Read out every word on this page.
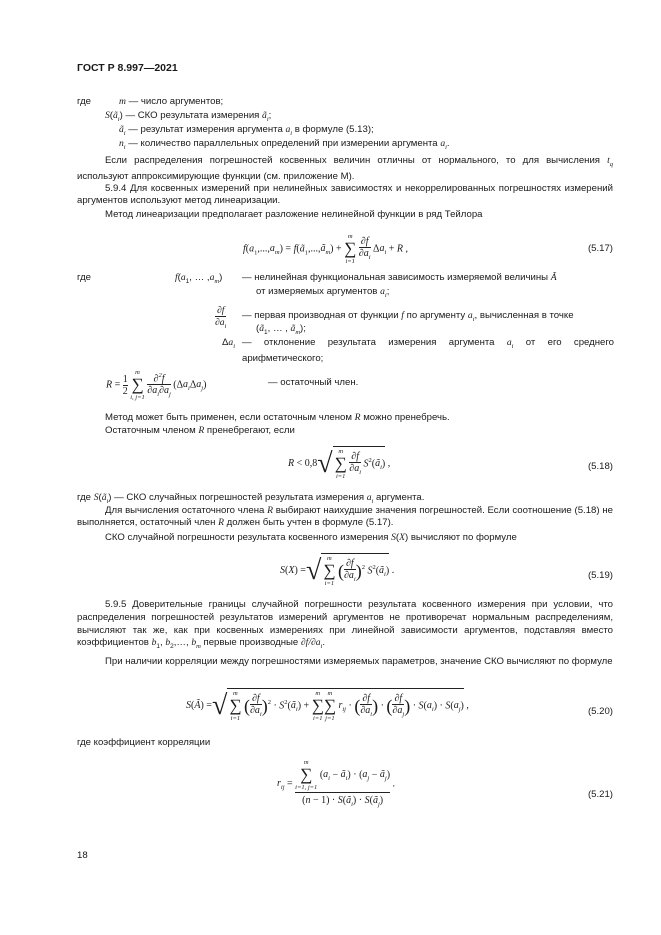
ГОСТ Р 8.997—2021
где	m — число аргументов;
$S(ã_i)$ — СКО результата измерения $ã_i$;
$ã_i$ — результат измерения аргумента $a_i$ в формуле (5.13);
$n_i$ — количество параллельных определений при измерении аргумента $a_i$.
Если распределения погрешностей косвенных величин отличны от нормального, то для вычисления $t_q$ используют аппроксимирующие функции (см. приложение М).
5.9.4 Для косвенных измерений при нелинейных зависимостях и некоррелированных погрешностях измерений аргументов используют метод линеаризации.
Метод линеаризации предполагает разложение нелинейной функции в ряд Тейлора
$f(a_1,...,a_m)$ = $f(ã_1,...,ã_m)$ +
m
∑
i=1
$\frac{\partial f}{\partial a_i} \Delta a_i + R$ ,	(5.17)
где	$f(a_1$, … $,a_m$) — нелинейная функциональная зависимость измеряемой величины Ã
от измеряемых аргументов $a_i$;
$\frac{\partial f}{\partial a_i}$ — первая производная от функции f по аргументу $a_i$, вычисленная в точке
($ã_1$, … , $ã_m$);
$\Delta a_i$ — отклонение результата измерения аргумента $a_i$ от его среднего арифметического;
$R = \frac{1}{2}$

m
∑
i, j=1
$\frac{\partial^2f}{\partial a_i\partial a_j} (\Delta a_i\Delta a_j)$	— остаточный член.
Метод может быть применен, если остаточным членом R можно пренебречь.
Остаточным членом R пренебрегают, если
R < 0,8√ m
∑
i=1
$\frac{\partial f}{\partial a_i}$ $S^2(ã_i)$ ,	(5.18)
где $S(ã_i)$ — СКО случайных погрешностей результата измерения $a_i$ аргумента.
Для вычисления остаточного члена R выбирают наихудшие значения погрешностей. Если соотношение (5.18) не выполняется, остаточный член R должен быть учтен в формуле (5.17).
СКО случайной погрешности результата косвенного измерения S(X) вычисляют по формуле
S(X) =√ m
∑
i=1
( $\frac{\partial f}{\partial a_i} )^2$ $S^2(ã_i)$ .	(5.19)
5.9.5 Доверительные границы случайной погрешности результата косвенного измерения при условии, что распределения погрешностей результатов измерений аргументов не противоречат нормальным распределениям, вычисляют так же, как при косвенных измерениях при линейной зависимости аргументов, подставляя вместо коэффициентов $b_1$, $b_2,\dots$, $b_m$ первые производные $\partial f/\partial a_i$.
При наличии корреляции между погрешностями измеряемых параметров, значение СКО вычисляют по формуле
S(Ã) =√ m
∑
i=1
( $\frac{\partial f}{\partial a_i} )^2$ · $S^2(ã_i)$ +
m
∑
i=1
m
∑
j=1
$r_{ij}$ · ( $\frac{\partial f}{\partial a_i}$ ) · ( $\frac{\partial f}{\partial a_j}$ ) · $S(a_i) \cdot S(a_j)$ ,
(5.20)
где коэффициент корреляции
$r_{ij} = m$
∑
i=1, j=1
($a_i$ − $ã_i) \cdot (a_j$ − $ã_j$)
$(n - 1) \cdot S(ã_i)$ · $S(ã_j)$ .
(5.21)
18
